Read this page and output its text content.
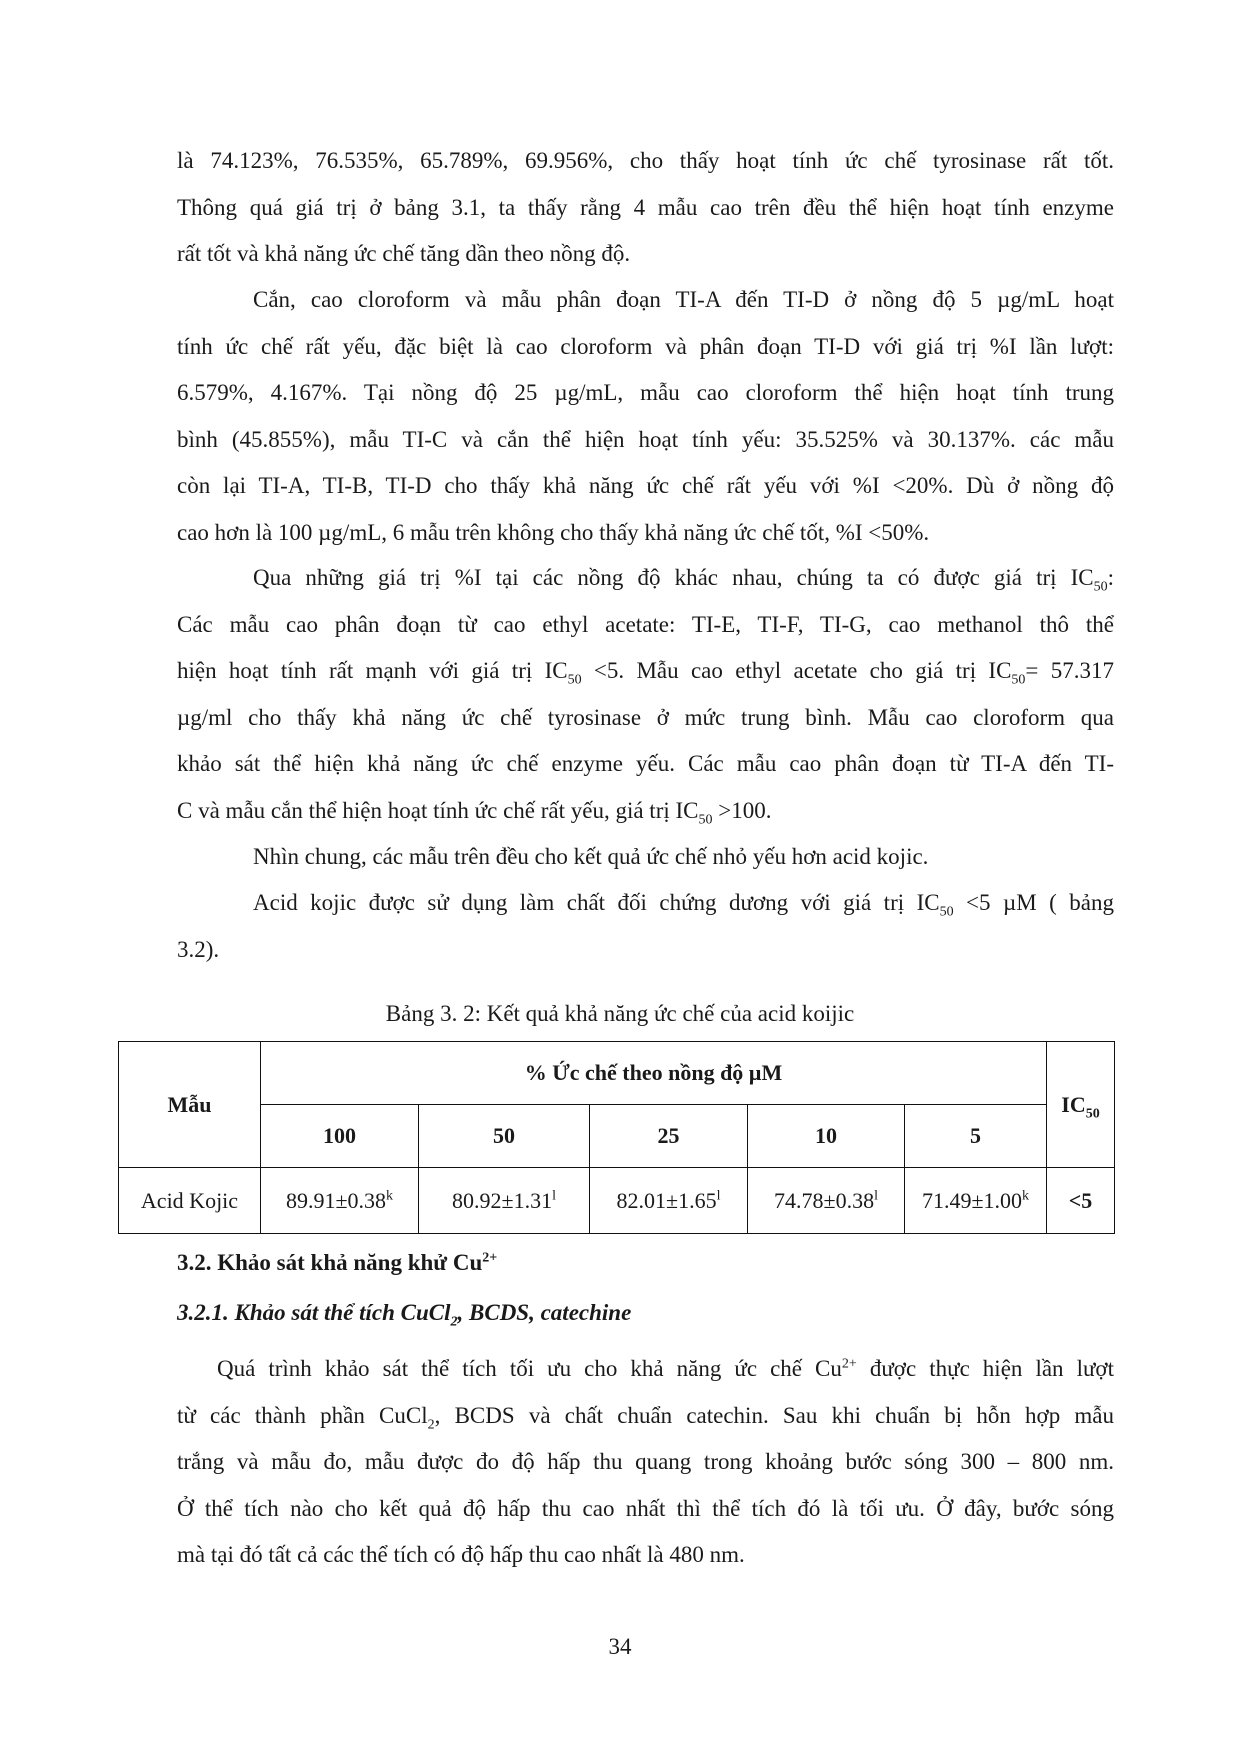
là 74.123%, 76.535%, 65.789%, 69.956%, cho thấy hoạt tính ức chế tyrosinase rất tốt.
Thông quá giá trị ở bảng 3.1, ta thấy rằng 4 mẫu cao trên đều thể hiện hoạt tính enzyme
rất tốt và khả năng ức chế tăng dần theo nồng độ.
Cắn, cao cloroform và mẫu phân đoạn TI-A đến TI-D ở nồng độ 5 µg/mL hoạt
tính ức chế rất yếu, đặc biệt là cao cloroform và phân đoạn TI-D với giá trị %I lần lượt:
6.579%, 4.167%. Tại nồng độ 25 µg/mL, mẫu cao cloroform thể hiện hoạt tính trung
bình (45.855%), mẫu TI-C và cắn thể hiện hoạt tính yếu: 35.525% và 30.137%. các mẫu
còn lại TI-A, TI-B, TI-D cho thấy khả năng ức chế rất yếu với %I <20%. Dù ở nồng độ
cao hơn là 100 µg/mL, 6 mẫu trên không cho thấy khả năng ức chế tốt, %I <50%.
Qua những giá trị %I tại các nồng độ khác nhau, chúng ta có được giá trị $IC_{50}$:
Các mẫu cao phân đoạn từ cao ethyl acetate: TI-E, TI-F, TI-G, cao methanol thô thể
hiện hoạt tính rất mạnh với giá trị $IC_{50} <5$. Mẫu cao ethyl acetate cho giá trị $IC_{50}= 57.317$
µg/ml cho thấy khả năng ức chế tyrosinase ở mức trung bình. Mẫu cao cloroform qua
khảo sát thể hiện khả năng ức chế enzyme yếu. Các mẫu cao phân đoạn từ TI-A đến TI-
C và mẫu cắn thể hiện hoạt tính ức chế rất yếu, giá trị $IC_{50} >100$.
Nhìn chung, các mẫu trên đều cho kết quả ức chế nhỏ yếu hơn acid kojic.
Acid kojic được sử dụng làm chất đối chứng dương với giá trị $IC_{50} <5$ µM ( bảng
3.2).
Bảng 3. 2: Kết quả khả năng ức chế của acid koijic
Mẫu	% Ức chế theo nồng độ µM					$IC_{50}$
	100	50	25	10	5	
Acid Kojic	$89.91\pm 0.38^k$	$80.92\pm 1.31^l$	$82.01\pm 1.65^l$	$74.78\pm 0.38^l$	$71.49\pm 1.00^k$	<5
3.2. Khảo sát khả năng khử $Cu^{2+}$
3.2.1. Khảo sát thể tích CuCl$_2$, BCDS, catechine
Quá trình khảo sát thể tích tối ưu cho khả năng ức chế $Cu^{2+}$ được thực hiện lần lượt
từ các thành phần CuCl$_2$, BCDS và chất chuẩn catechin. Sau khi chuẩn bị hỗn hợp mẫu
trắng và mẫu đo, mẫu được đo độ hấp thu quang trong khoảng bước sóng 300 – 800 nm.
Ở thể tích nào cho kết quả độ hấp thu cao nhất thì thể tích đó là tối ưu. Ở đây, bước sóng
mà tại đó tất cả các thể tích có độ hấp thu cao nhất là 480 nm.
34
